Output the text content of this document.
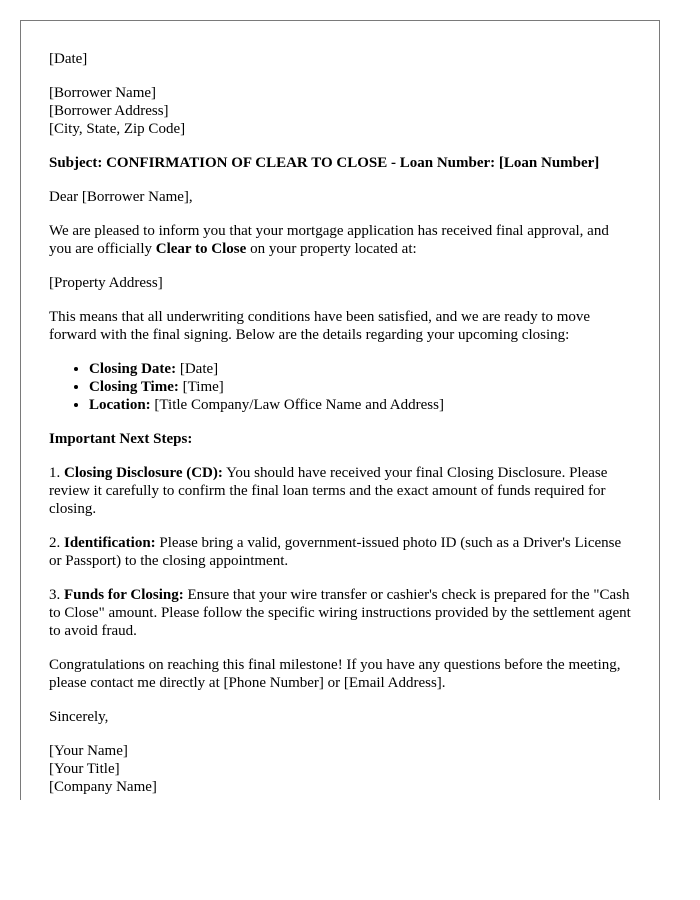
[Date]

[Borrower Name]
[Borrower Address]
[City, State, Zip Code]

Subject: CONFIRMATION OF CLEAR TO CLOSE - Loan Number: [Loan Number]

Dear [Borrower Name],

We are pleased to inform you that your mortgage application has received final approval, and you are officially Clear to Close on your property located at:

[Property Address]

This means that all underwriting conditions have been satisfied, and we are ready to move forward with the final signing. Below are the details regarding your upcoming closing:

• Closing Date: [Date]
• Closing Time: [Time]
• Location: [Title Company/Law Office Name and Address]

Important Next Steps:

1. Closing Disclosure (CD): You should have received your final Closing Disclosure. Please review it carefully to confirm the final loan terms and the exact amount of funds required for closing.

2. Identification: Please bring a valid, government-issued photo ID (such as a Driver's License or Passport) to the closing appointment.

3. Funds for Closing: Ensure that your wire transfer or cashier's check is prepared for the "Cash to Close" amount. Please follow the specific wiring instructions provided by the settlement agent to avoid fraud.

Congratulations on reaching this final milestone! If you have any questions before the meeting, please contact me directly at [Phone Number] or [Email Address].

Sincerely,

[Your Name]
[Your Title]
[Company Name]
